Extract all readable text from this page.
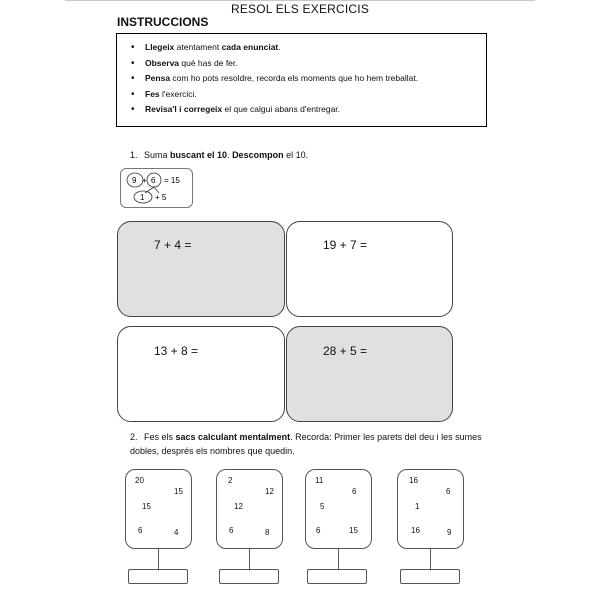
RESOL ELS EXERCICIS
INSTRUCCIONS
• Llegeix atentament cada enunciat.
• Observa què has de fer.
• Pensa com ho pots resoldre, recorda els moments que ho hem treballat.
• Fes l'exercici.
• Revisa'l i corregeix el que calgui abans d'entregar.
1. Suma buscant el 10. Descompon el 10.
9 + 6 = 15
1 + 5
7 + 4 =	19 + 7 =
13 + 8 =	28 + 5 =
2. Fes els sacs calculant mentalment. Recorda: Primer les parets del deu i les sumes dobles, després els nombres que quedin.
20
15
15
6	4
2
12
12
6	8
11
6
5
6	15
16
6
1
16	9
